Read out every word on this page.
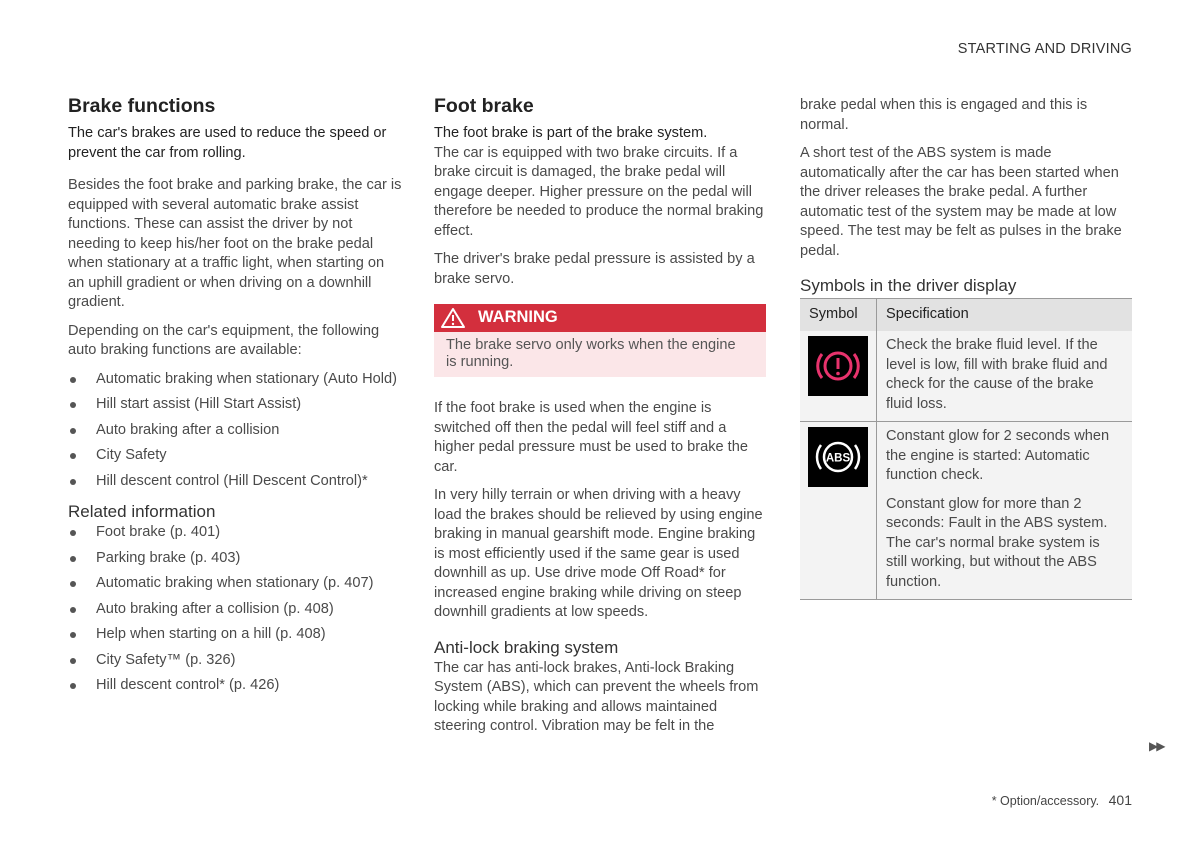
STARTING AND DRIVING
Brake functions

The car's brakes are used to reduce the speed or prevent the car from rolling.

Besides the foot brake and parking brake, the car is equipped with several automatic brake assist functions. These can assist the driver by not needing to keep his/her foot on the brake pedal when stationary at a traffic light, when starting on an uphill gradient or when driving on a downhill gradient.

Depending on the car's equipment, the following auto braking functions are available:

Automatic braking when stationary (Auto Hold)
Hill start assist (Hill Start Assist)
Auto braking after a collision
City Safety
Hill descent control (Hill Descent Control)*
Related information
Foot brake (p. 401)
Parking brake (p. 403)
Automatic braking when stationary (p. 407)
Auto braking after a collision (p. 408)
Help when starting on a hill (p. 408)
City Safety™ (p. 326)
Hill descent control* (p. 426)
Foot brake

The foot brake is part of the brake system.

The car is equipped with two brake circuits. If a brake circuit is damaged, the brake pedal will engage deeper. Higher pressure on the pedal will therefore be needed to produce the normal braking effect.

The driver's brake pedal pressure is assisted by a brake servo.

WARNING
The brake servo only works when the engine
is running.

If the foot brake is used when the engine is switched off then the pedal will feel stiff and a higher pedal pressure must be used to brake the car.

In very hilly terrain or when driving with a heavy load the brakes should be relieved by using engine braking in manual gearshift mode. Engine braking is most efficiently used if the same gear is used downhill as up. Use drive mode Off Road* for increased engine braking while driving on steep downhill gradients at low speeds.

Anti-lock braking system

The car has anti-lock brakes, Anti-lock Braking System (ABS), which can prevent the wheels from locking while braking and allows maintained steering control. Vibration may be felt in the

brake pedal when this is engaged and this is normal.

A short test of the ABS system is made automatically after the car has been started when the driver releases the brake pedal. A further automatic test of the system may be made at low speed. The test may be felt as pulses in the brake pedal.

Symbols in the driver display
Symbol	Specification

Check the brake fluid level. If the level is low, fill with brake fluid and check for the cause of the brake fluid loss.

ABS	Constant glow for 2 seconds when the engine is started: Automatic function check.

Constant glow for more than 2 seconds: Fault in the ABS system. The car's normal brake system is still working, but without the ABS function.

▶▶
* Option/accessory. 401
